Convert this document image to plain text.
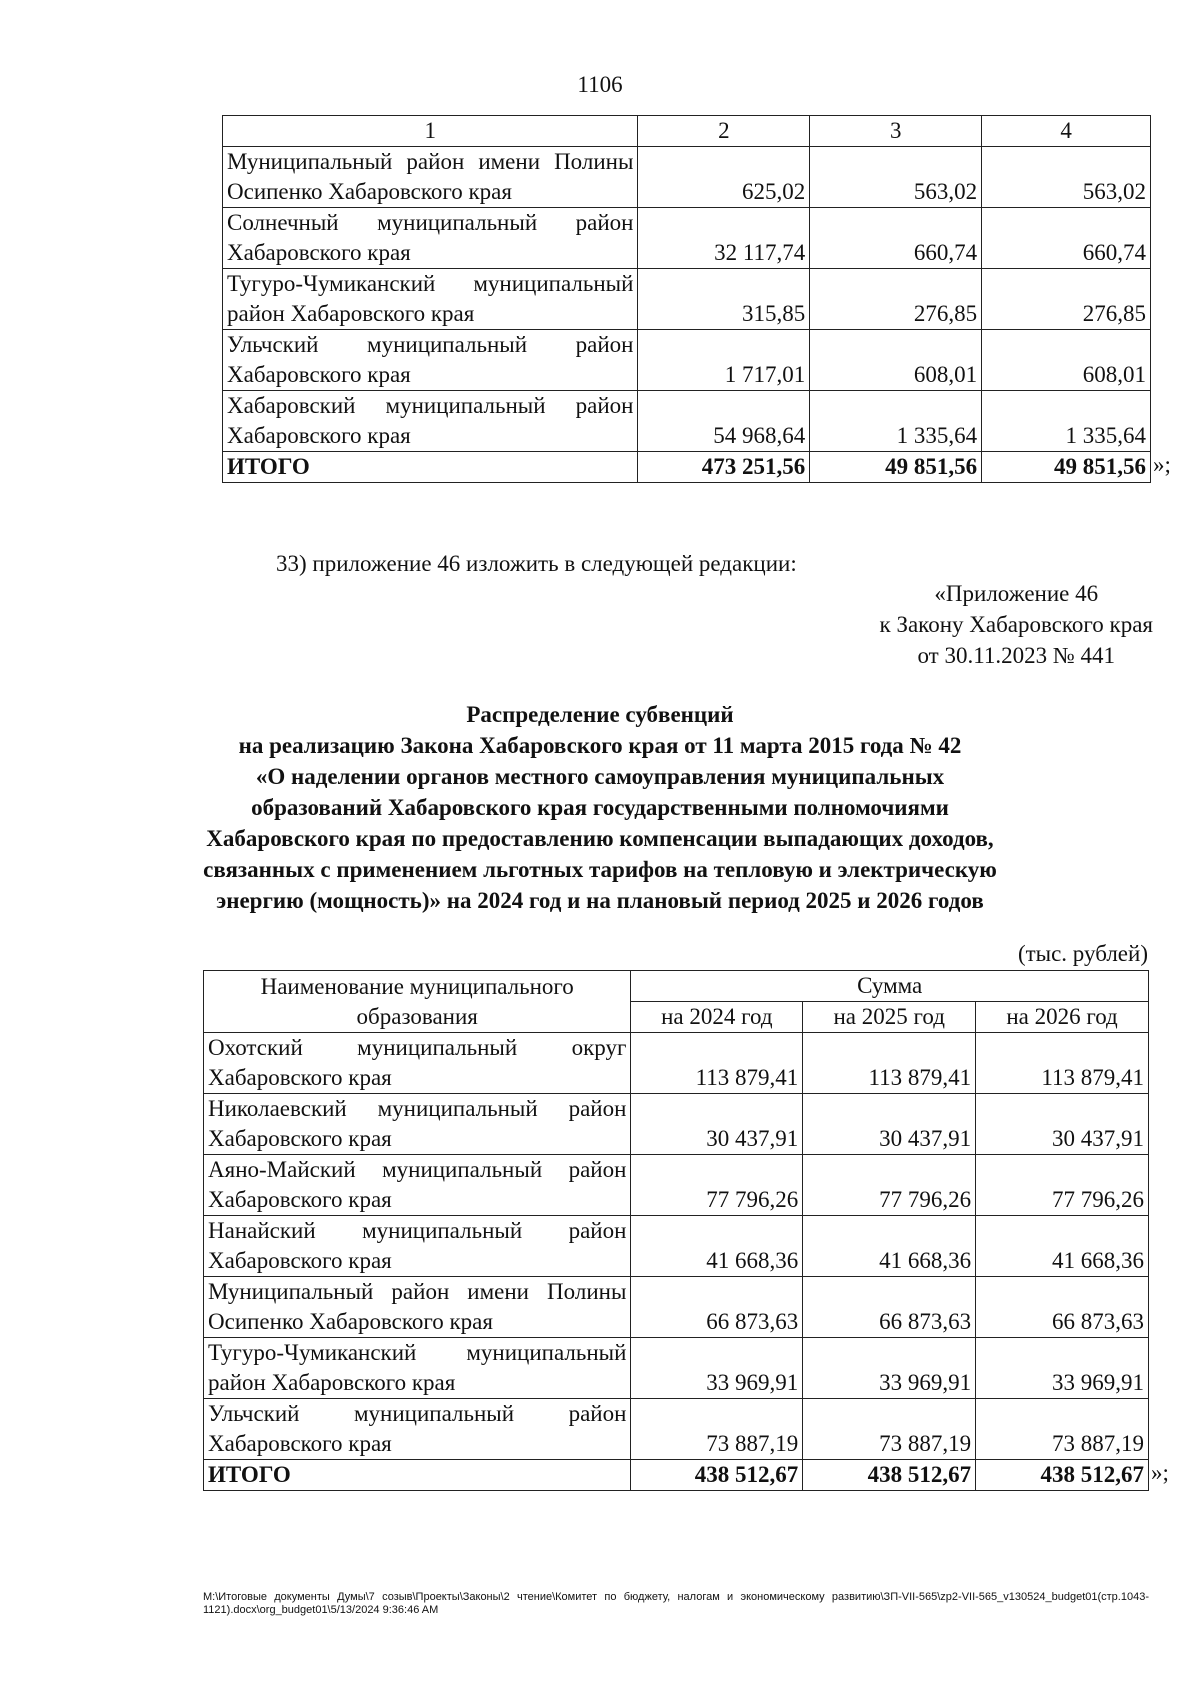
1106
1	2	3	4
Муниципальный район имени Полины Осипенко Хабаровского края	625,02	563,02	563,02
Солнечный муниципальный район Хабаровского края	32 117,74	660,74	660,74
Тугуро-Чумиканский муниципальный район Хабаровского края	315,85	276,85	276,85
Ульчский муниципальный район Хабаровского края	1 717,01	608,01	608,01
Хабаровский муниципальный район Хабаровского края	54 968,64	1 335,64	1 335,64
ИТОГО	473 251,56	49 851,56	49 851,56 »;
33) приложение 46 изложить в следующей редакции:
«Приложение 46
к Закону Хабаровского края
от 30.11.2023 № 441
Распределение субвенций
на реализацию Закона Хабаровского края от 11 марта 2015 года № 42
«О наделении органов местного самоуправления муниципальных
образований Хабаровского края государственными полномочиями
Хабаровского края по предоставлению компенсации выпадающих доходов,
связанных с применением льготных тарифов на тепловую и электрическую
энергию (мощность)» на 2024 год и на плановый период 2025 и 2026 годов
(тыс. рублей)
Наименование муниципального образования	Сумма		
	на 2024 год	на 2025 год	на 2026 год
Охотский муниципальный округ Хабаровского края	113 879,41	113 879,41	113 879,41
Николаевский муниципальный район Хабаровского края	30 437,91	30 437,91	30 437,91
Аяно-Майский муниципальный район Хабаровского края	77 796,26	77 796,26	77 796,26
Нанайский муниципальный район Хабаровского края	41 668,36	41 668,36	41 668,36
Муниципальный район имени Полины Осипенко Хабаровского края	66 873,63	66 873,63	66 873,63
Тугуро-Чумиканский муниципальный район Хабаровского края	33 969,91	33 969,91	33 969,91
Ульчский муниципальный район Хабаровского края	73 887,19	73 887,19	73 887,19
ИТОГО	438 512,67	438 512,67	438 512,67 »;
М:\Итоговые документы Думы\7 созыв\Проекты\Законы\2 чтение\Комитет по бюджету, налогам и экономическому развитию\ЗП-VII-565\zp2-VII-565_v130524_budget01(стр.1043-1121).docx\org_budget01\5/13/2024 9:36:46 AM
